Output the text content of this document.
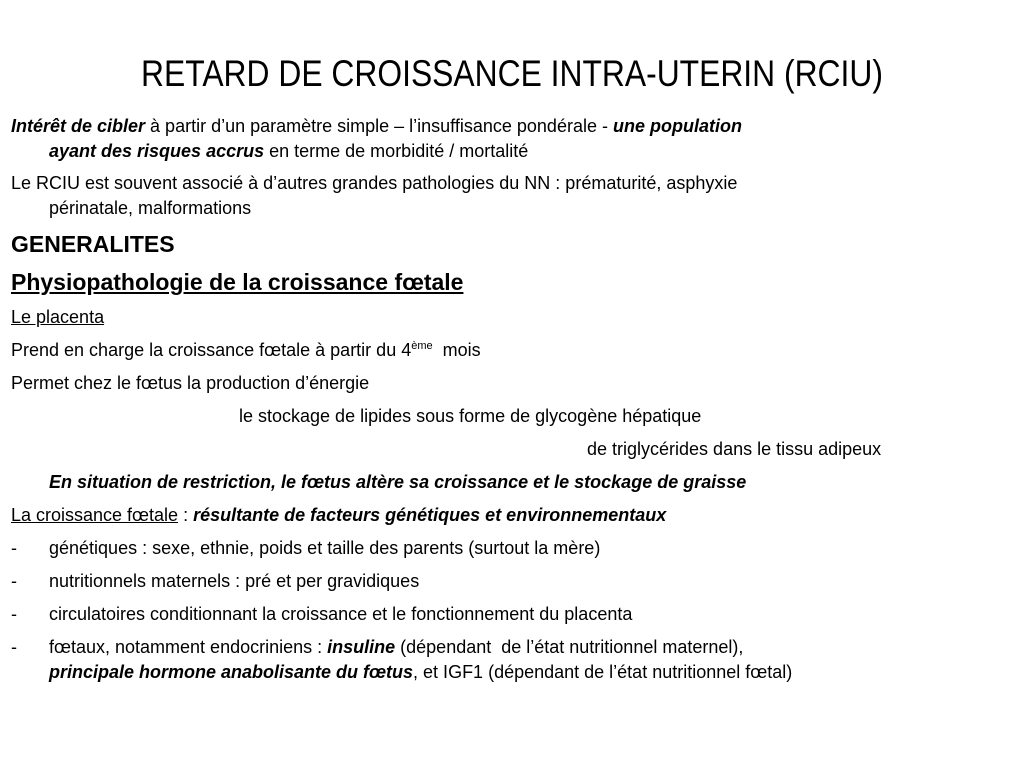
RETARD DE CROISSANCE INTRA-UTERIN (RCIU)

Intérêt de cibler à partir d’un paramètre simple – l’insuffisance pondérale - une population
ayant des risques accrus en terme de morbidité / mortalité

Le RCIU est souvent associé à d’autres grandes pathologies du NN : prématurité, asphyxie
périnatale, malformations

GENERALITES

Physiopathologie de la croissance fœtale

Le placenta

Prend en charge la croissance fœtale à partir du 4ème  mois

Permet chez le fœtus la production d’énergie

le stockage de lipides sous forme de glycogène hépatique

de triglycérides dans le tissu adipeux

En situation de restriction, le fœtus altère sa croissance et le stockage de graisse

La croissance fœtale : résultante de facteurs génétiques et environnementaux

-	génétiques : sexe, ethnie, poids et taille des parents (surtout la mère)
-	nutritionnels maternels : pré et per gravidiques
-	circulatoires conditionnant la croissance et le fonctionnement du placenta
-	fœtaux, notamment endocriniens : insuline (dépendant  de l’état nutritionnel maternel),
principale hormone anabolisante du fœtus, et IGF1 (dépendant de l’état nutritionnel fœtal)
